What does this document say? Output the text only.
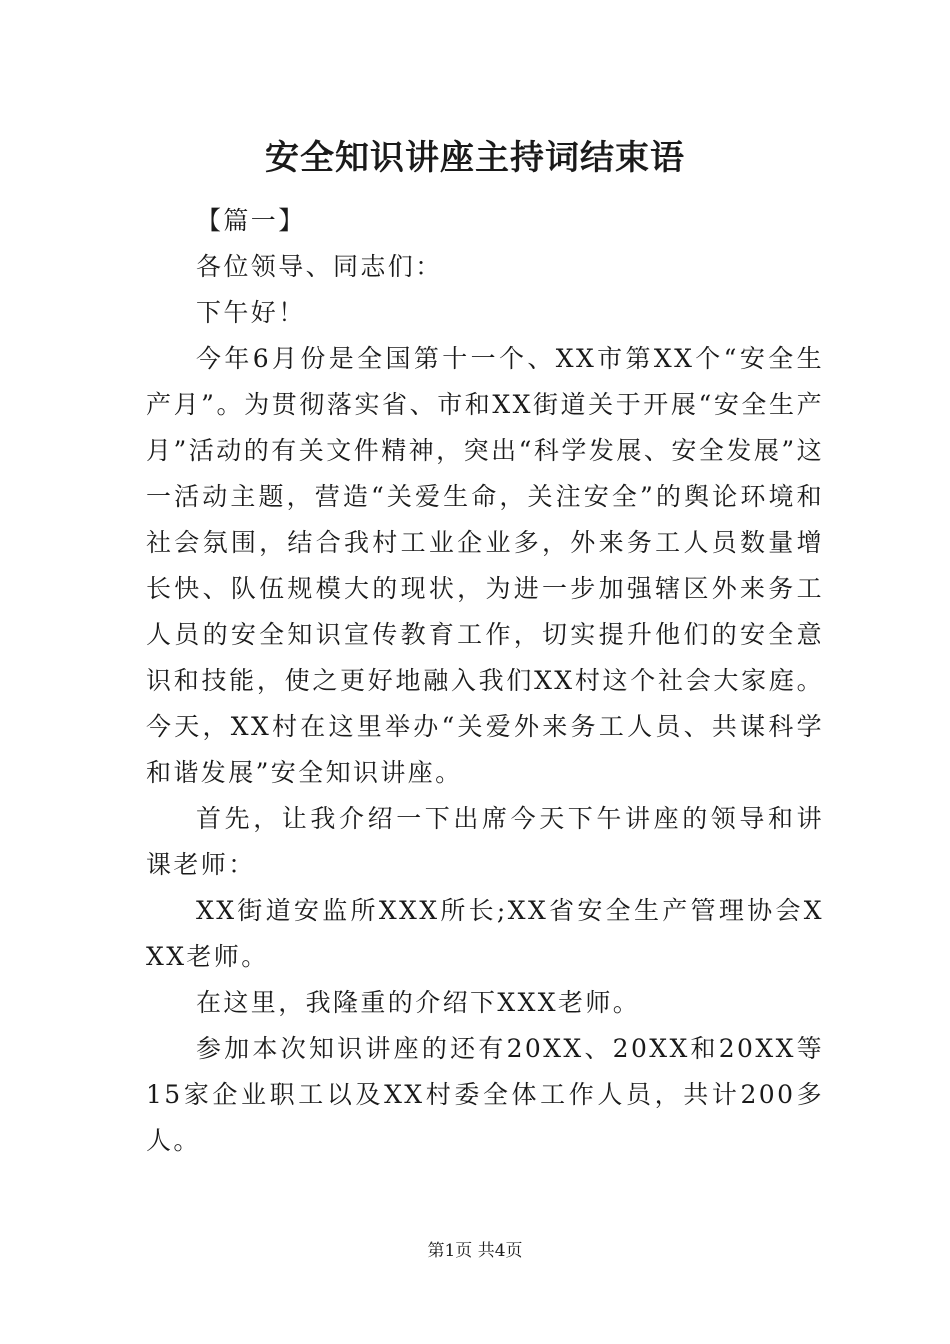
安全知识讲座主持词结束语

【篇一】

各位领导、同志们：

下午好！

今年6月份是全国第十一个、XX市第XX个“安全生产月”。为贯彻落实省、市和XX街道关于开展“安全生产月”活动的有关文件精神，突出“科学发展、安全发展”这一活动主题，营造“关爱生命，关注安全”的舆论环境和社会氛围，结合我村工业企业多，外来务工人员数量增长快、队伍规模大的现状，为进一步加强辖区外来务工人员的安全知识宣传教育工作，切实提升他们的安全意识和技能，使之更好地融入我们XX村这个社会大家庭。今天，XX村在这里举办“关爱外来务工人员、共谋科学和谐发展”安全知识讲座。

首先，让我介绍一下出席今天下午讲座的领导和讲课老师：

XX街道安监所XXX所长;XX省安全生产管理协会XXX老师。

在这里，我隆重的介绍下XXX老师。

参加本次知识讲座的还有20XX、20XX和20XX等15家企业职工以及XX村委全体工作人员，共计200多人。

第1页 共4页
